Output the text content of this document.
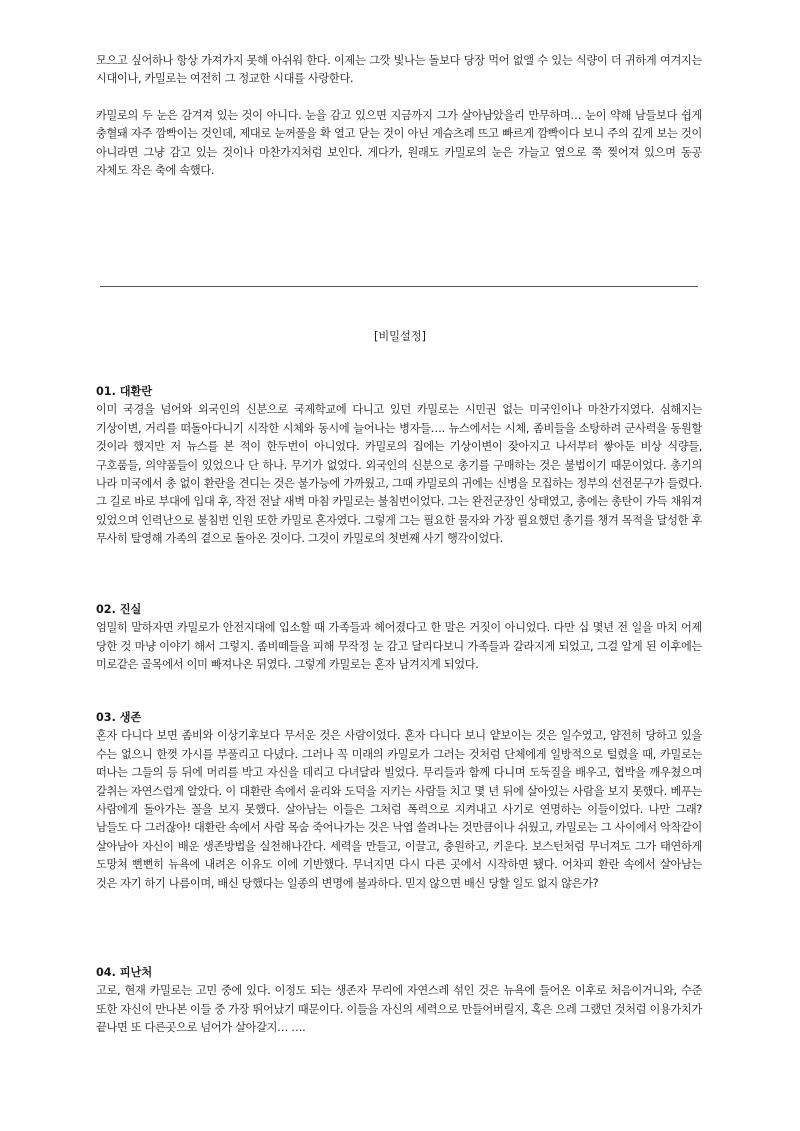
모으고 싶어하나 항상 가져가지 못해 아쉬워 한다. 이제는 그깟 빛나는 돌보다 당장 먹어 없앨 수 있는 식량이 더 귀하게 여겨지는 시대이나, 카밀로는 여전히 그 정교한 시대를 사랑한다.

카밀로의 두 눈은 감겨져 있는 것이 아니다. 눈을 감고 있으면 지금까지 그가 살아남았을리 만무하며… 눈이 약해 남들보다 쉽게 충혈돼 자주 깜빡이는 것인데, 제대로 눈꺼풀을 확 열고 닫는 것이 아닌 게슴츠레 뜨고 빠르게 깜빡이다 보니 주의 깊게 보는 것이 아니라면 그냥 감고 있는 것이나 마찬가지처럼 보인다. 게다가, 원래도 카밀로의 눈은 가늘고 옆으로 쭉 찢어져 있으며 동공 자체도 작은 축에 속했다.

[비밀설정]
01. 대환란

이미 국경을 넘어와 외국인의 신분으로 국제학교에 다니고 있던 카밀로는 시민권 없는 미국인이나 마찬가지였다. 심해지는 기상이변, 거리를 떠돌아다니기 시작한 시체와 동시에 늘어나는 병자들…. 뉴스에서는 시체, 좀비들을 소탕하려 군사력을 동원할 것이라 했지만 저 뉴스를 본 적이 한두번이 아니었다. 카밀로의 집에는 기상이변이 잦아지고 나서부터 쌓아둔 비상 식량들, 구호품들, 의약품들이 있었으나 단 하나. 무기가 없었다. 외국인의 신분으로 총기를 구매하는 것은 불법이기 때문이었다. 총기의 나라 미국에서 총 없이 환란을 견디는 것은 불가능에 가까웠고, 그때 카밀로의 귀에는 신병을 모집하는 정부의 선전문구가 들렸다. 그 길로 바로 부대에 입대 후, 작전 전날 새벽 마침 카밀로는 불침번이었다. 그는 완전군장인 상태였고, 총에는 총탄이 가득 채워져 있었으며 인력난으로 불침번 인원 또한 카밀로 혼자였다. 그렇게 그는 필요한 물자와 가장 필요했던 총기를 챙겨 목적을 달성한 후 무사히 탈영해 가족의 곁으로 돌아온 것이다. 그것이 카밀로의 첫번째 사기 행각이었다.

02. 진실

엄밀히 말하자면 카밀로가 안전지대에 입소할 때 가족들과 헤어졌다고 한 말은 거짓이 아니었다. 다만 십 몇년 전 일을 마치 어제 당한 것 마냥 이야기 해서 그렇지. 좀비떼들을 피해 무작정 눈 감고 달리다보니 가족들과 갈라지게 되었고, 그걸 알게 된 이후에는 미로같은 골목에서 이미 빠져나온 뒤였다. 그렇게 카밀로는 혼자 남겨지게 되었다.

03. 생존

혼자 다니다 보면 좀비와 이상기후보다 무서운 것은 사람이었다. 혼자 다니다 보니 얕보이는 것은 일수였고, 얌전히 당하고 있을 수는 없으니 한껏 가시를 부풀리고 다녔다. 그러나 꼭 미래의 카밀로가 그러는 것처럼 단체에게 일방적으로 털렸을 때, 카밀로는 떠나는 그들의 등 뒤에 머리를 박고 자신을 데리고 다녀달라 빌었다. 무리들과 함께 다니며 도둑질을 배우고, 협박을 깨우쳤으며 갈취는 자연스럽게 알았다. 이 대환란 속에서 윤리와 도덕을 지키는 사람들 치고 몇 년 뒤에 살아있는 사람을 보지 못했다. 베푸는 사람에게 돌아가는 꼴을 보지 못했다. 살아남는 이들은 그처럼 폭력으로 지켜내고 사기로 연명하는 이들이었다. 나만 그래? 남들도 다 그러잖아! 대환란 속에서 사람 목숨 죽어나가는 것은 낙엽 쓸려나는 것만큼이나 쉬웠고, 카밀로는 그 사이에서 악착같이 살아남아 자신이 배운 생존방법을 실천해나간다. 세력을 만들고, 이끌고, 충원하고, 키운다. 보스턴처럼 무너져도 그가 태연하게 도망쳐 뻔뻔히 뉴욕에 내려온 이유도 이에 기반했다. 무너지면 다시 다른 곳에서 시작하면 됐다. 어차피 환란 속에서 살아남는 것은 자기 하기 나름이며, 배신 당했다는 일종의 변명에 불과하다. 믿지 않으면 배신 당할 일도 없지 않은가?

04. 피난처

고로, 현재 카밀로는 고민 중에 있다. 이정도 되는 생존자 무리에 자연스레 섞인 것은 뉴욕에 들어온 이후로 처음이거니와, 수준 또한 자신이 만나본 이들 중 가장 뛰어났기 때문이다. 이들을 자신의 세력으로 만들어버릴지, 혹은 으레 그랬던 것처럼 이용가치가 끝나면 또 다른곳으로 넘어가 살아갈지… ….
